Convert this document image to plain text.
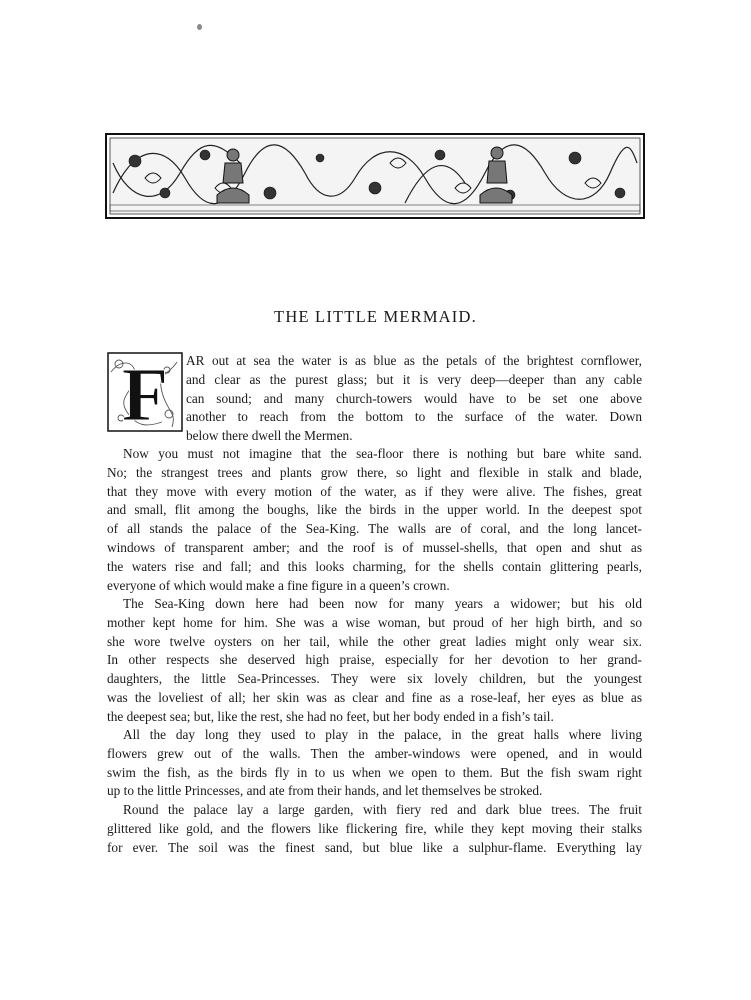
THE LITTLE MERMAID.
F AR out at sea the water is as blue as the petals of the brightest cornflower,
and clear as the purest glass; but it is very deep—deeper than any cable
can sound; and many church-towers would have to be set one above
another to reach from the bottom to the surface of the water. Down
below there dwell the Mermen.
Now you must not imagine that the sea-floor there is nothing but bare white sand.
No; the strangest trees and plants grow there, so light and flexible in stalk and blade,
that they move with every motion of the water, as if they were alive. The fishes, great
and small, flit among the boughs, like the birds in the upper world. In the deepest spot
of all stands the palace of the Sea-King. The walls are of coral, and the long lancet-
windows of transparent amber; and the roof is of mussel-shells, that open and shut as
the waters rise and fall; and this looks charming, for the shells contain glittering pearls,
everyone of which would make a fine figure in a queen’s crown.
The Sea-King down here had been now for many years a widower; but his old
mother kept home for him. She was a wise woman, but proud of her high birth, and so
she wore twelve oysters on her tail, while the other great ladies might only wear six.
In other respects she deserved high praise, especially for her devotion to her grand-
daughters, the little Sea-Princesses. They were six lovely children, but the youngest
was the loveliest of all; her skin was as clear and fine as a rose-leaf, her eyes as blue as
the deepest sea; but, like the rest, she had no feet, but her body ended in a fish’s tail.
All the day long they used to play in the palace, in the great halls where living
flowers grew out of the walls. Then the amber-windows were opened, and in would
swim the fish, as the birds fly in to us when we open to them. But the fish swam right
up to the little Princesses, and ate from their hands, and let themselves be stroked.
Round the palace lay a large garden, with fiery red and dark blue trees. The fruit
glittered like gold, and the flowers like flickering fire, while they kept moving their stalks
for ever. The soil was the finest sand, but blue like a sulphur-flame. Everything lay
